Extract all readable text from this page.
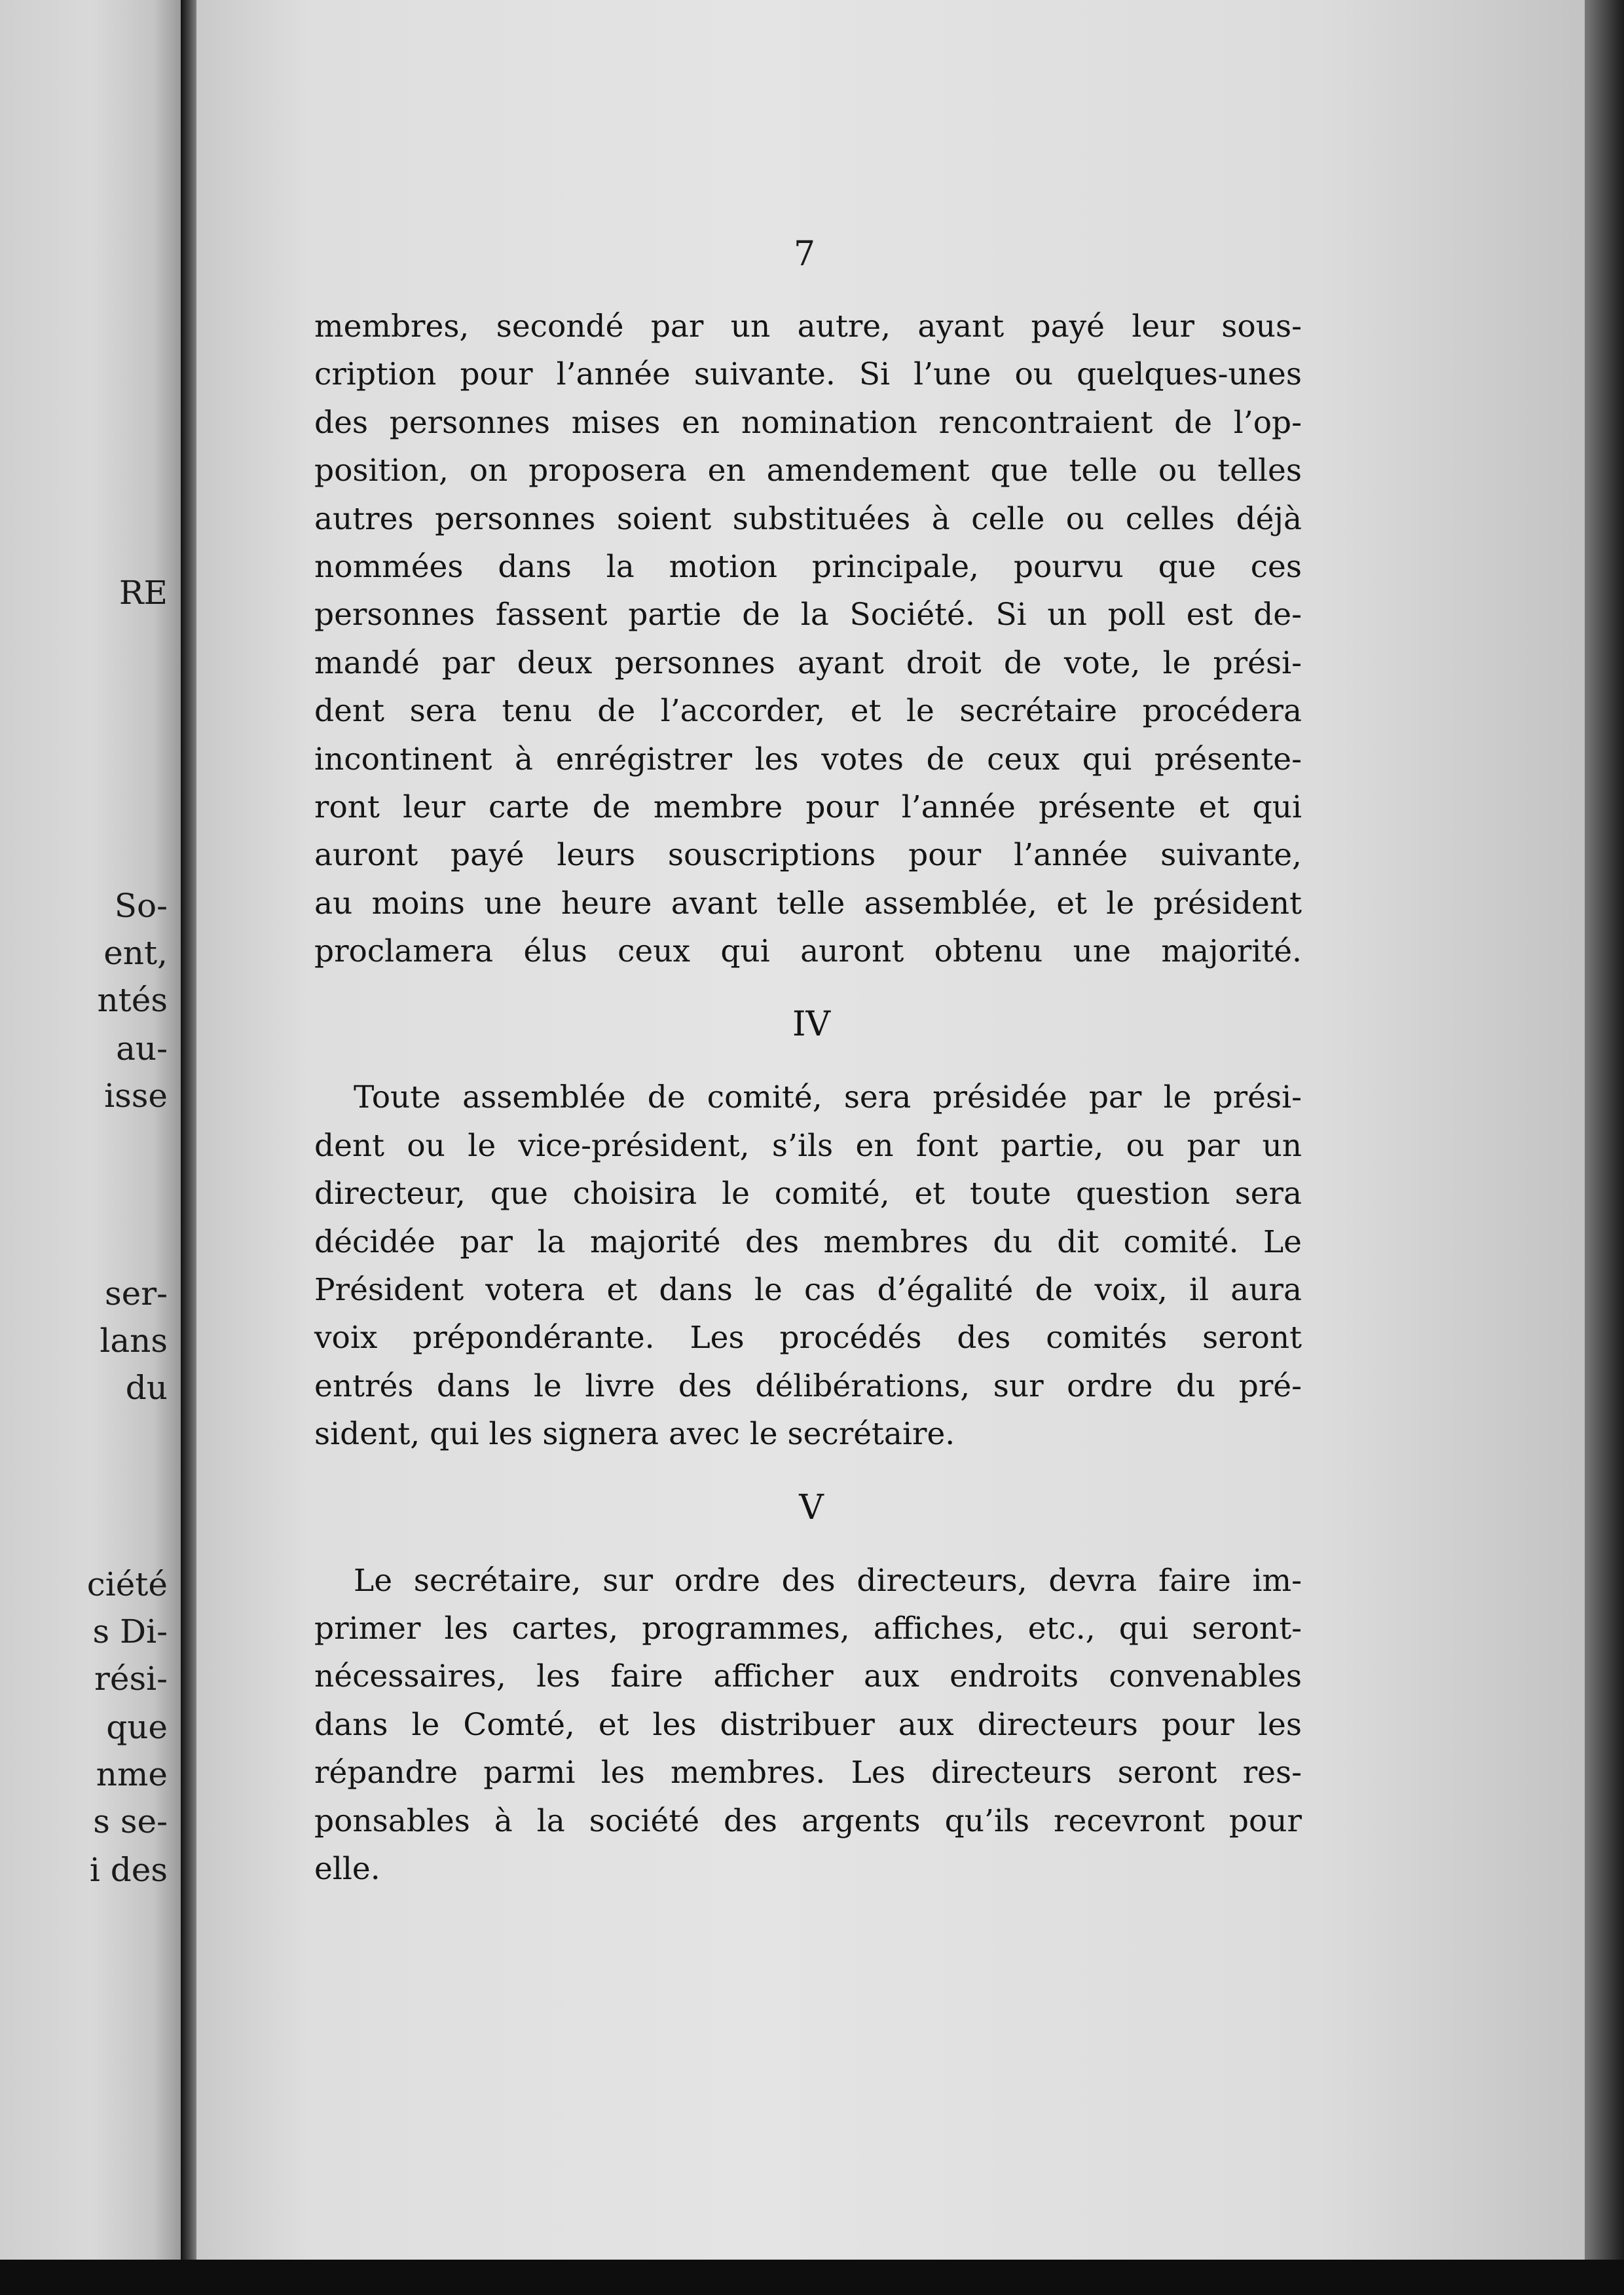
RE
So-
ent,
ntés
au-
isse
ser-
lans
du
ciété
s Di-
rési-
que
nme
s se-
i des
7
membres, secondé par un autre, ayant payé leur sous-
cription pour l’année suivante. Si l’une ou quelques-unes
des personnes mises en nomination rencontraient de l’op-
position, on proposera en amendement que telle ou telles
autres personnes soient substituées à celle ou celles déjà
nommées dans la motion principale, pourvu que ces
personnes fassent partie de la Société. Si un poll est de-
mandé par deux personnes ayant droit de vote, le prési-
dent sera tenu de l’accorder, et le secrétaire procédera
incontinent à enrégistrer les votes de ceux qui présente-
ront leur carte de membre pour l’année présente et qui
auront payé leurs souscriptions pour l’année suivante,
au moins une heure avant telle assemblée, et le président
proclamera élus ceux qui auront obtenu une majorité.
IV
Toute assemblée de comité, sera présidée par le prési-
dent ou le vice-président, s’ils en font partie, ou par un
directeur, que choisira le comité, et toute question sera
décidée par la majorité des membres du dit comité. Le
Président votera et dans le cas d’égalité de voix, il aura
voix prépondérante. Les procédés des comités seront
entrés dans le livre des délibérations, sur ordre du pré-
sident, qui les signera avec le secrétaire.
V
Le secrétaire, sur ordre des directeurs, devra faire im-
primer les cartes, programmes, affiches, etc., qui seront-
nécessaires, les faire afficher aux endroits convenables
dans le Comté, et les distribuer aux directeurs pour les
répandre parmi les membres. Les directeurs seront res-
ponsables à la société des argents qu’ils recevront pour
elle.
